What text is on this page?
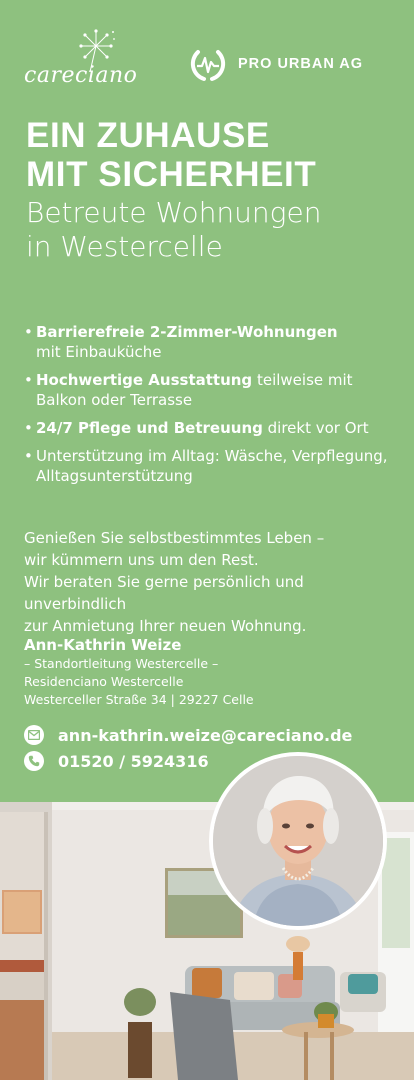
careciano	PRO URBAN AG
EIN ZUHAUSE
MIT SICHERHEIT
Betreute Wohnungen
in Westercelle
• Barrierefreie 2-Zimmer-Wohnungen
mit Einbauküche
• Hochwertige Ausstattung teilweise mit
Balkon oder Terrasse
• 24/7 Pflege und Betreuung direkt vor Ort
• Unterstützung im Alltag: Wäsche, Verpflegung,
Alltagsunterstützung
Genießen Sie selbstbestimmtes Leben –
wir kümmern uns um den Rest.
Wir beraten Sie gerne persönlich und unverbindlich
zur Anmietung Ihrer neuen Wohnung.
Ann-Kathrin Weize
– Standortleitung Westercelle –
Residenciano Westercelle
Westerceller Straße 34 | 29227 Celle
ann-kathrin.weize@careciano.de
01520 / 5924316
